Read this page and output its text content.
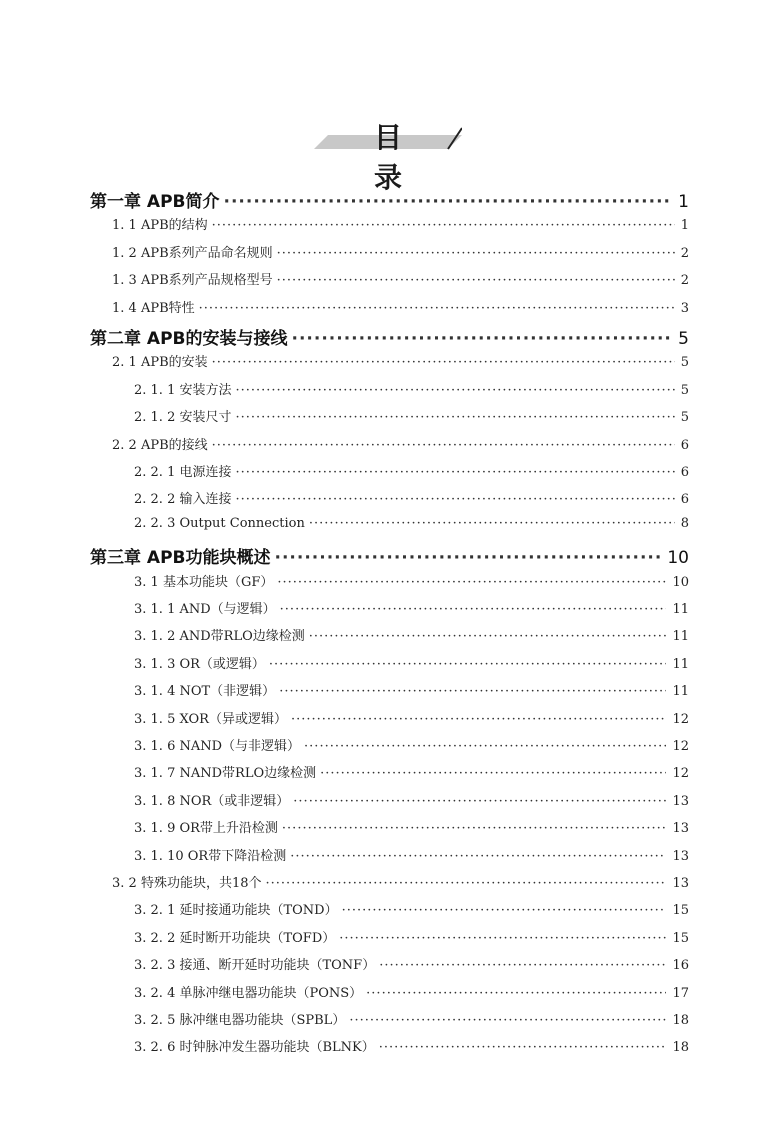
目 录
第一章 APB简介 ·····	1
1. 1 APB的结构 ·····	1
1. 2 APB系列产品命名规则 ·····	2
1. 3 APB系列产品规格型号 ·····	2
1. 4 APB特性 ·····	3
第二章 APB的安装与接线 ·····	5
2. 1 APB的安装 ·····	5
2. 1. 1 安装方法 ·····	5
2. 1. 2 安装尺寸 ·····	5
2. 2 APB的接线 ·····	6
2. 2. 1 电源连接 ·····	6
2. 2. 2 输入连接 ·····	6
2. 2. 3 Output Connection ·····	8
第三章 APB功能块概述 ·····	10
3. 1 基本功能块（GF） ·····	10
3. 1. 1 AND（与逻辑） ·····	11
3. 1. 2 AND带RLO边缘检测 ·····	11
3. 1. 3 OR（或逻辑） ·····	11
3. 1. 4 NOT（非逻辑） ·····	11
3. 1. 5 XOR（异或逻辑） ·····	12
3. 1. 6 NAND（与非逻辑） ·····	12
3. 1. 7 NAND带RLO边缘检测 ·····	12
3. 1. 8 NOR（或非逻辑） ·····	13
3. 1. 9 OR带上升沿检测 ·····	13
3. 1. 10 OR带下降沿检测 ·····	13
3. 2 特殊功能块，共18个 ·····	13
3. 2. 1 延时接通功能块（TOND） ·····	15
3. 2. 2 延时断开功能块（TOFD） ·····	15
3. 2. 3 接通、断开延时功能块（TONF） ·····	16
3. 2. 4 单脉冲继电器功能块（PONS） ·····	17
3. 2. 5 脉冲继电器功能块（SPBL） ·····	18
3. 2. 6 时钟脉冲发生器功能块（BLNK） ·····	18
